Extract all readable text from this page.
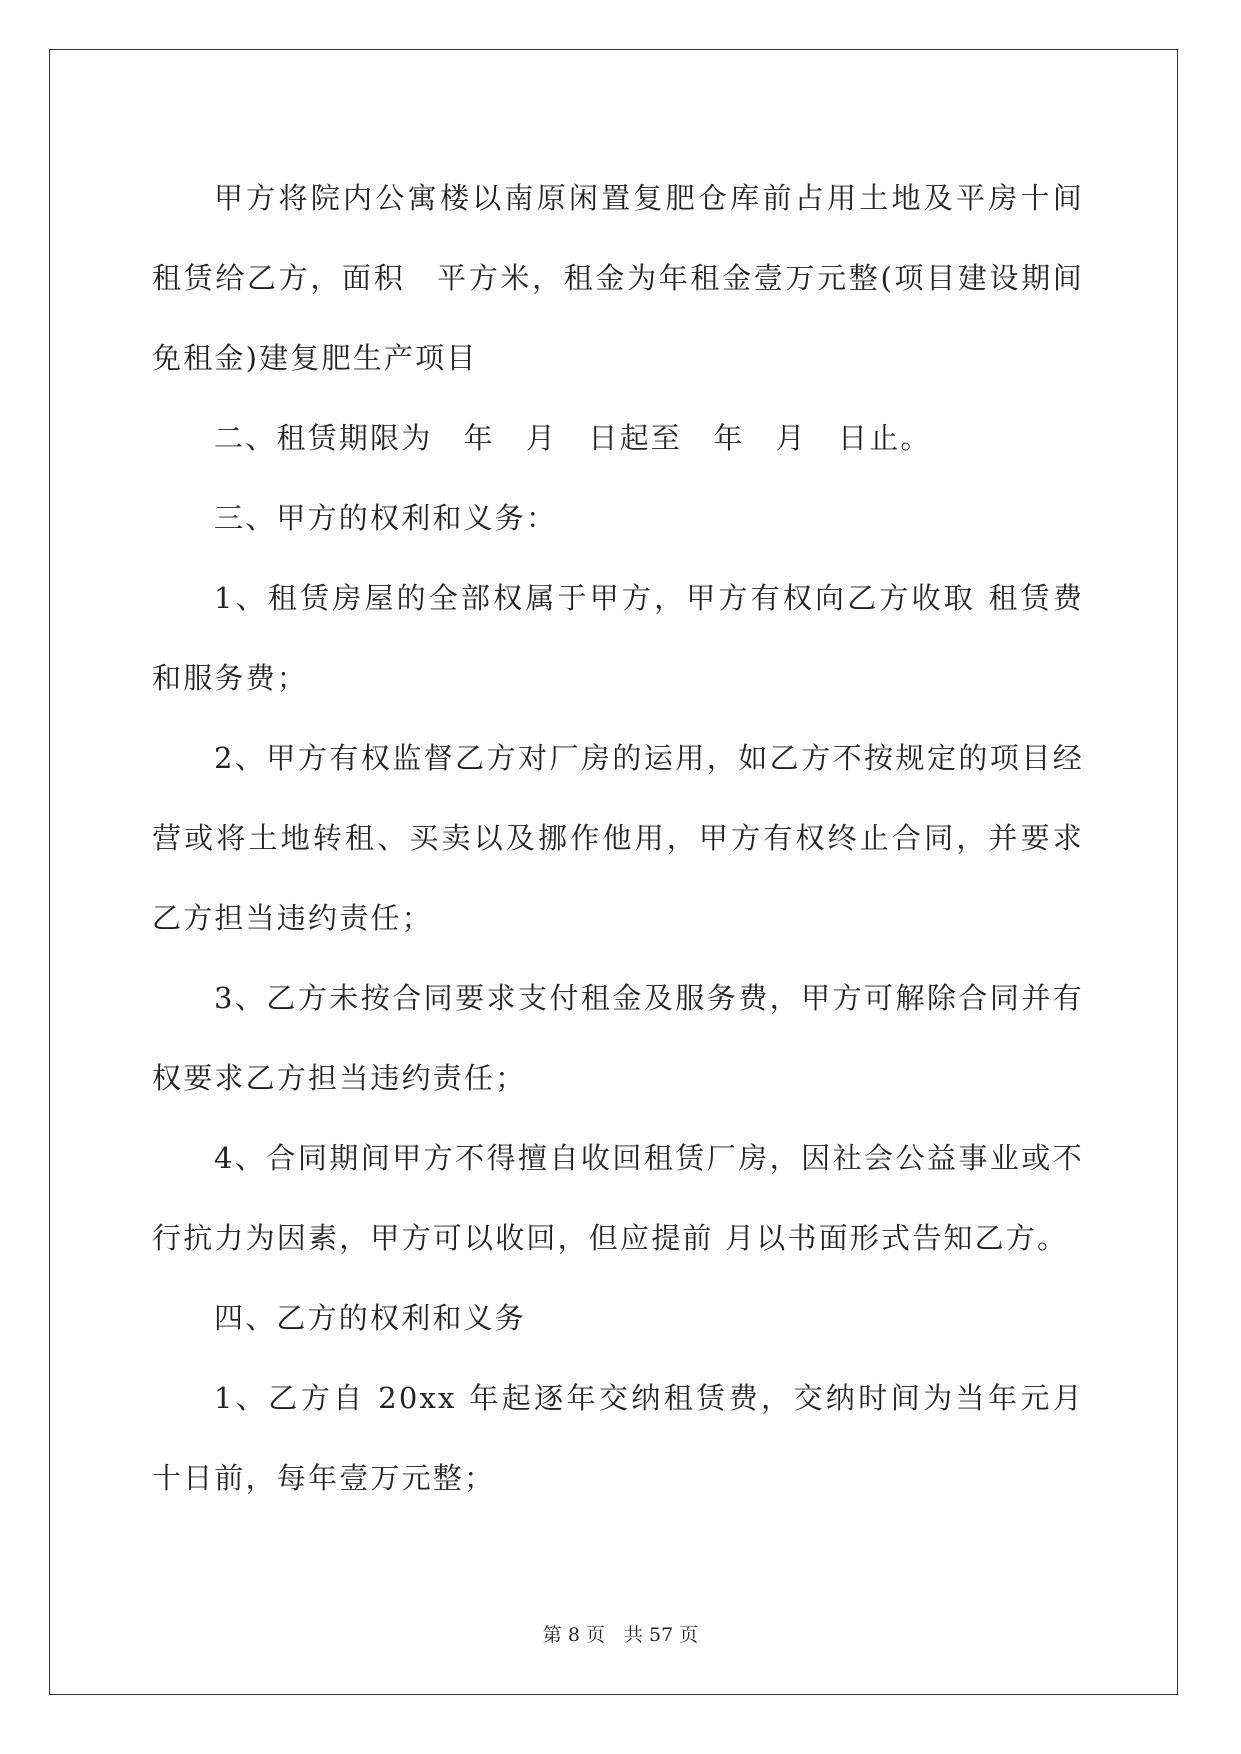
甲方将院内公寓楼以南原闲置复肥仓库前占用土地及平房十间租赁给乙方，面积　平方米，租金为年租金壹万元整(项目建设期间免租金)建复肥生产项目

二、租赁期限为　年　月　日起至　年　月　日止。

三、甲方的权利和义务：

1、租赁房屋的全部权属于甲方，甲方有权向乙方收取 租赁费和服务费；

2、甲方有权监督乙方对厂房的运用，如乙方不按规定的项目经营或将土地转租、买卖以及挪作他用，甲方有权终止合同，并要求乙方担当违约责任；

3、乙方未按合同要求支付租金及服务费，甲方可解除合同并有权要求乙方担当违约责任；

4、合同期间甲方不得擅自收回租赁厂房，因社会公益事业或不行抗力为因素，甲方可以收回，但应提前 月以书面形式告知乙方。

四、乙方的权利和义务

1、乙方自 20xx 年起逐年交纳租赁费，交纳时间为当年元月十日前，每年壹万元整；

第 8 页　共 57 页
